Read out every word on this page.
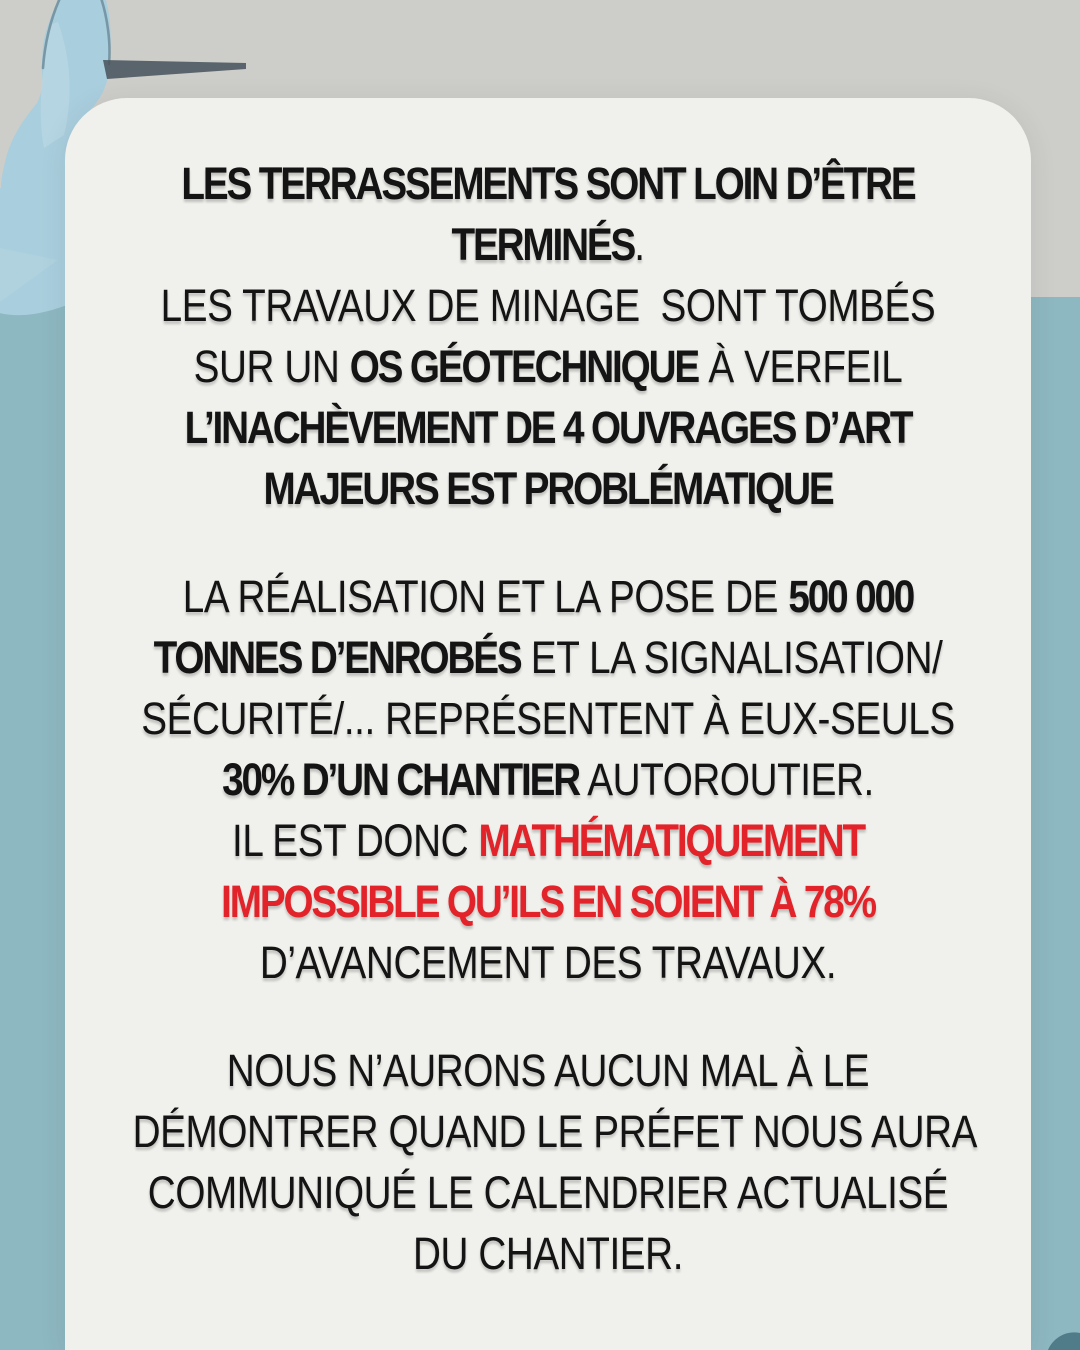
LES TERRASSEMENTS SONT LOIN D’ÊTRE
TERMINÉS.
LES TRAVAUX DE MINAGE  SONT TOMBÉS
SUR UN OS GÉOTECHNIQUE À VERFEIL
L’INACHÈVEMENT DE 4 OUVRAGES D’ART
MAJEURS EST PROBLÉMATIQUE
LA RÉALISATION ET LA POSE DE 500 000
TONNES D’ENROBÉS ET LA SIGNALISATION/
SÉCURITÉ/... REPRÉSENTENT À EUX-SEULS
30% D’UN CHANTIER AUTOROUTIER.
IL EST DONC MATHÉMATIQUEMENT
IMPOSSIBLE QU’ILS EN SOIENT À 78%
D’AVANCEMENT DES TRAVAUX.
NOUS N’AURONS AUCUN MAL À LE
DÉMONTRER QUAND LE PRÉFET NOUS AURA
COMMUNIQUÉ LE CALENDRIER ACTUALISÉ
DU CHANTIER.
